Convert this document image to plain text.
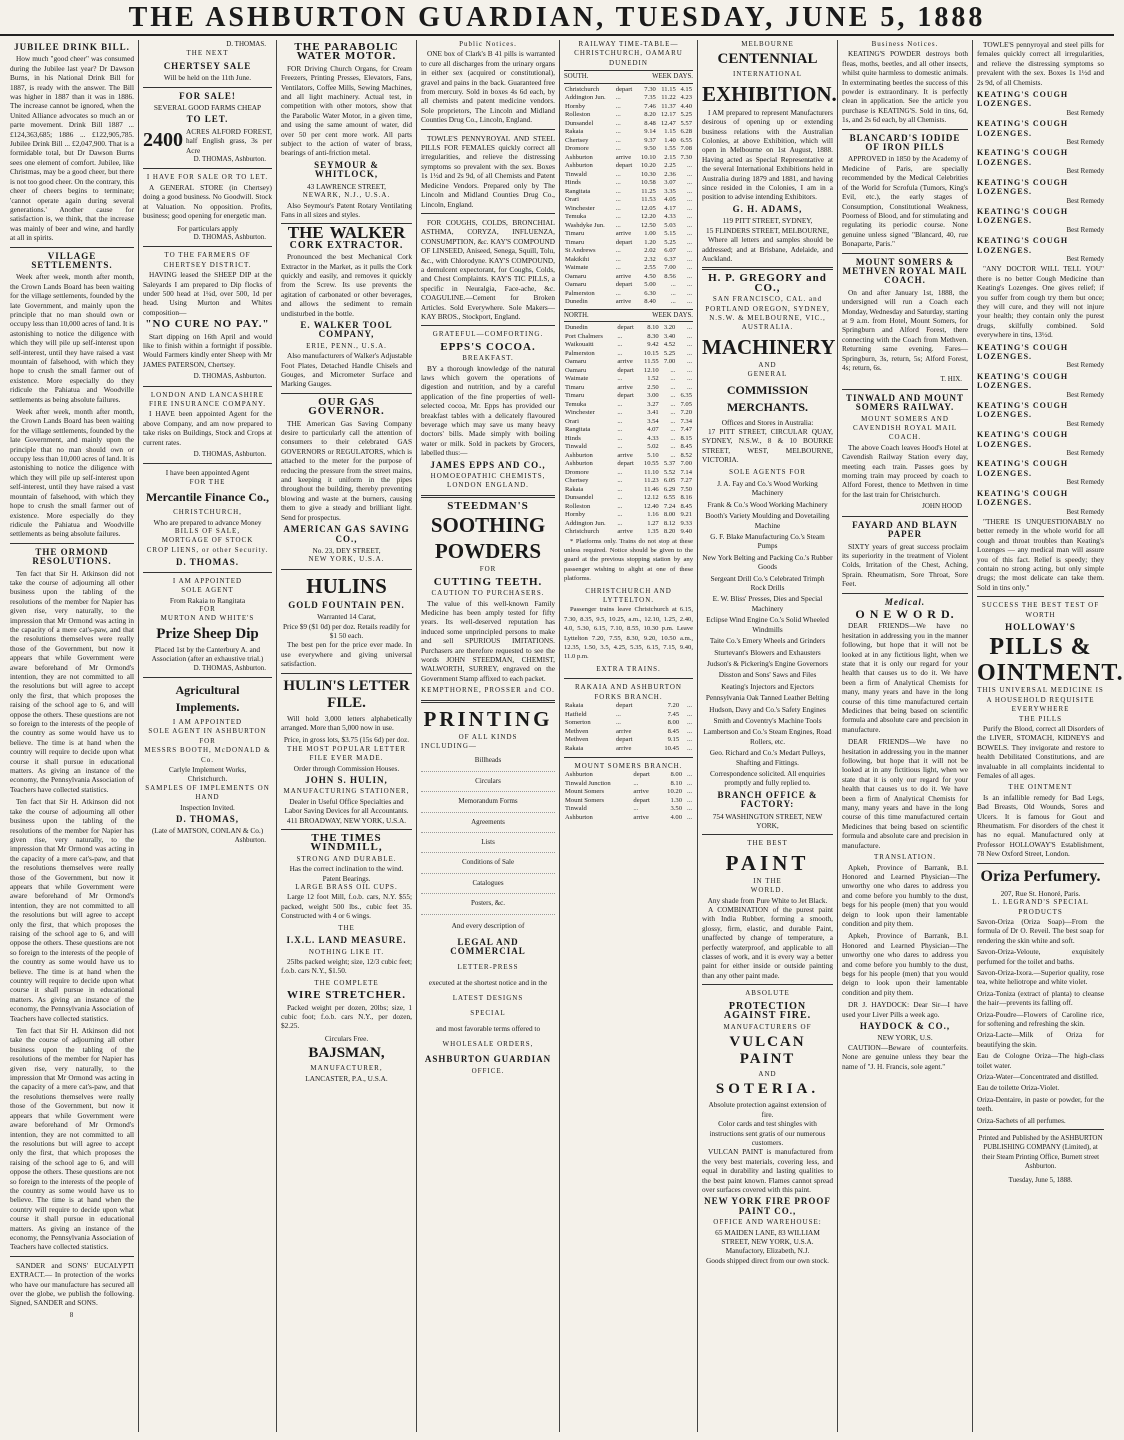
THE ASHBURTON GUARDIAN, TUESDAY, JUNE 5, 1888
JUBILEE DRINK BILL.

How much "good cheer" was consumed during the Jubilee last year? Dr Dawson Burns, in his National Drink Bill for 1887, is ready with the answer. The Bill was higher in 1887 than it was in 1886. The increase cannot be ignored, when the United Alliance advocates so much an or parte movement. Drink Bill 1887 ... £124,363,685; 1886 ... £122,905,785. Jubilee Drink Bill ... £2,047,900. That is a formidable total, but Dr Dawson Burns sees one element of comfort. Jubilee, like Christmas, may be a good cheer, but there is not too good cheer. On the contrary, this cheer of cheers begins to terminate; 'cannot operate again during several generations.' Another cause for satisfaction is, we think, that the increase was mainly of beer and wine, and hardly at all in spirits.

VILLAGE SETTLEMENTS.

Week after week, month after month, the Crown Lands Board has been waiting for the village settlements, founded by the late Government, and mainly upon the principle that no man should own or occupy less than 10,000 acres of land. It is astonishing to notice the diligence with which they will pile up self-interest upon self-interest, until they have raised a vast mountain of falsehood, with which they hope to crush the small farmer out of existence. More especially do they ridicule the Pahiatua and Woodville settlements as being absolute failures.

Week after week, month after month, the Crown Lands Board has been waiting for the village settlements, founded by the late Government, and mainly upon the principle that no man should own or occupy less than 10,000 acres of land. It is astonishing to notice the diligence with which they will pile up self-interest upon self-interest, until they have raised a vast mountain of falsehood, with which they hope to crush the small farmer out of existence. More especially do they ridicule the Pahiatua and Woodville settlements as being absolute failures.

THE ORMOND RESOLUTIONS.

Ten fact that Sir H. Atkinson did not take the course of adjourning all other business upon the tabling of the resolutions of the member for Napier has given rise, very naturally, to the impression that Mr Ormond was acting in the capacity of a mere cat's-paw, and that the resolutions themselves were really those of the Government, but now it appears that while Government were aware beforehand of Mr Ormond's intention, they are not committed to all the resolutions but will agree to accept only the first, that which proposes the raising of the school age to 6, and will oppose the others. These questions are not so foreign to the interests of the people of the country as some would have us to believe. The time is at hand when the country will require to decide upon what course it shall pursue in educational matters. As giving an instance of the economy, the Pennsylvania Association of Teachers have collected statistics.

Ten fact that Sir H. Atkinson did not take the course of adjourning all other business upon the tabling of the resolutions of the member for Napier has given rise, very naturally, to the impression that Mr Ormond was acting in the capacity of a mere cat's-paw, and that the resolutions themselves were really those of the Government, but now it appears that while Government were aware beforehand of Mr Ormond's intention, they are not committed to all the resolutions but will agree to accept only the first, that which proposes the raising of the school age to 6, and will oppose the others. These questions are not so foreign to the interests of the people of the country as some would have us to believe. The time is at hand when the country will require to decide upon what course it shall pursue in educational matters. As giving an instance of the economy, the Pennsylvania Association of Teachers have collected statistics.

Ten fact that Sir H. Atkinson did not take the course of adjourning all other business upon the tabling of the resolutions of the member for Napier has given rise, very naturally, to the impression that Mr Ormond was acting in the capacity of a mere cat's-paw, and that the resolutions themselves were really those of the Government, but now it appears that while Government were aware beforehand of Mr Ormond's intention, they are not committed to all the resolutions but will agree to accept only the first, that which proposes the raising of the school age to 6, and will oppose the others. These questions are not so foreign to the interests of the people of the country as some would have us to believe. The time is at hand when the country will require to decide upon what course it shall pursue in educational matters. As giving an instance of the economy, the Pennsylvania Association of Teachers have collected statistics.

SANDER and SONS' EUCALYPTI EXTRACT.— In protection of the works who have our manufacture has secured all over the globe, we publish the following. Signed, SANDER and SONS.

8
D. THOMAS.
THE NEXT
CHERTSEY SALE
Will be held on the 11th June.
FOR SALE!
SEVERAL GOOD FARMS CHEAP
TO LET.
2400 ACRES ALFORD FOREST, half English grass, 3s per Acre
D. THOMAS, Ashburton.
I HAVE FOR SALE OR TO LET.

A GENERAL STORE (in Chertsey) doing a good business. No Goodwill. Stock at Valuation. No opposition. Profits, business; good opening for energetic man.

For particulars apply
D. THOMAS, Ashburton.
TO THE FARMERS OF CHERTSEY DISTRICT.

HAVING leased the SHEEP DIP at the Saleyards I am prepared to Dip flocks of under 500 head at 1¼d, over 500, 1d per head. Using Murton and Whites composition—

"NO CURE NO PAY."

Start dipping on 16th April and would like to finish within a fortnight if possible. Would Farmers kindly enter Sheep with Mr JAMES PATERSON, Chertsey.

D. THOMAS, Ashburton.
LONDON AND LANCASHIRE FIRE INSURANCE COMPANY.

I HAVE been appointed Agent for the above Company, and am now prepared to take risks on Buildings, Stock and Crops at current rates.

D. THOMAS, Ashburton.
I have been appointed Agent
FOR THE
Mercantile Finance Co.,
CHRISTCHURCH,
Who are prepared to advance Money
BILLS OF SALE,
MORTGAGE OF STOCK
CROP LIENS, or other Security.
D. THOMAS.
I AM APPOINTED
SOLE AGENT
From Rakaia to Rangitata
FOR
MURTON AND WHITE'S
Prize Sheep Dip
Placed 1st by the Canterbury A. and Association (after an exhaustive trial.)
D. THOMAS, Ashburton.
Agricultural Implements.
I AM APPOINTED
SOLE AGENT IN ASHBURTON
FOR
MESSRS BOOTH, McDONALD & Co.
Carlyle Implement Works,
Christchurch.
SAMPLES OF IMPLEMENTS ON HAND
Inspection Invited.
D. THOMAS,
(Late of MATSON, CONLAN & Co.)
Ashburton.
THE PARABOLIC WATER MOTOR.

FOR Driving Church Organs, for Cream Freezers, Printing Presses, Elevators, Fans, Ventilators, Coffee Mills, Sewing Machines, and all light machinery. Actual test, in competition with other motors, show that the Parabolic Water Motor, in a given time, and using the same amount of water, did over 50 per cent more work. All parts subject to the action of water of brass, bearings of anti-friction metal.

SEYMOUR & WHITLOCK,
43 LAWRENCE STREET,
NEWARK, N.J., U.S.A.

Also Seymour's Patent Rotary Ventilating Fans in all sizes and styles.

THE WALKER
CORK EXTRACTOR.

Pronounced the best Mechanical Cork Extractor in the Market, as it pulls the Cork quickly and easily, and removes it quickly from the Screw. Its use prevents the agitation of carbonated or other beverages, and allows the sediment to remain undisturbed in the bottle.

E. WALKER TOOL COMPANY,
ERIE, PENN., U.S.A.

Also manufacturers of Walker's Adjustable Foot Plates, Detached Handle Chisels and Gouges, and Micrometer Surface and Marking Gauges.

OUR GAS GOVERNOR.

THE American Gas Saving Company desire to particularly call the attention of consumers to their celebrated GAS GOVERNORS or REGULATORS, which is attached to the meter for the purpose of reducing the pressure from the street mains, and keeping it uniform in the pipes throughout the building, thereby preventing blowing and waste at the burners, causing them to give a steady and brilliant light. Send for prospectus.

AMERICAN GAS SAVING CO.,
No. 23, DEY STREET,
NEW YORK, U.S.A.
HULINS
GOLD FOUNTAIN PEN.
Warranted 14 Carat,
Price $9 ($1 0d) per doz. Retails readily for $1 50 each.

The best pen for the price ever made. In use everywhere and giving universal satisfaction.

HULIN'S LETTER FILE.

Will hold 3,000 letters alphabetically arranged. More than 5,000 now in use.

Price, in gross lots, $3.75 (15s 6d) per doz.
THE MOST POPULAR LETTER FILE EVER MADE.
Order through Commission Houses.
JOHN S. HULIN,
MANUFACTURING STATIONER,
Dealer in Useful Office Specialties and Labor Saving Devices for all Accountants.
411 BROADWAY, NEW YORK, U.S.A.
THE TIMES WINDMILL,
STRONG AND DURABLE.
Has the correct inclination to the wind. Patent Bearings.
LARGE BRASS OIL CUPS.

Large 12 foot Mill, f.o.b. cars, N.Y. $55; packed, weight 500 lbs., cubic feet 35. Constructed with 4 or 6 wings.

THE
I.X.L. LAND MEASURE.
NOTHING LIKE IT.

25lbs packed weight; size, 12/3 cubic feet; f.o.b. cars N.Y., $1.50.

THE COMPLETE
WIRE STRETCHER.

Packed weight per dozen, 20lbs; size, 1 cubic foot; f.o.b. cars N.Y., per dozen, $2.25.

Circulars Free.
BAJSMAN,
MANUFACTURER,
LANCASTER, P.A., U.S.A.
Public Notices.

ONE box of Clark's B 41 pills is warranted to cure all discharges from the urinary organs in either sex (acquired or constitutional), gravel and pains in the back. Guaranteed free from mercury. Sold in boxes 4s 6d each, by all chemists and patent medicine vendors. Sole proprietors, The Lincoln and Midland Counties Drug Co., Lincoln, England.

TOWLE'S PENNYROYAL AND STEEL PILLS FOR FEMALES quickly correct all irregularities, and relieve the distressing symptoms so prevalent with the sex. Boxes 1s 1½d and 2s 9d, of all Chemists and Patent Medicine Vendors. Prepared only by The Lincoln and Midland Counties Drug Co., Lincoln, England.

FOR COUGHS, COLDS, BRONCHIAL ASTHMA, CORYZA, INFLUENZA, CONSUMPTION, &c. KAY'S COMPOUND OF LINSEED, Aniseed, Senega, Squill, Tolu, &c., with Chlorodyne. KAY'S COMPOUND, a demulcent expectorant, for Coughs, Colds, and Chest Complaints. KAY'S TIC PILLS, a specific in Neuralgia, Face-ache, &c. COAGULINE.—Cement for Broken Articles. Sold Everywhere. Sole Makers—KAY BROS., Stockport, England.

GRATEFUL—COMFORTING.
EPPS'S COCOA.
BREAKFAST.

BY a thorough knowledge of the natural laws which govern the operations of digestion and nutrition, and by a careful application of the fine properties of well-selected cocoa, Mr. Epps has provided our breakfast tables with a delicately flavoured beverage which may save us many heavy doctors' bills. Made simply with boiling water or milk. Sold in packets by Grocers, labelled thus:—

JAMES EPPS AND CO.,
HOMOEOPATHIC CHEMISTS,
LONDON ENGLAND.
STEEDMAN'S
SOOTHING
POWDERS
FOR
CUTTING TEETH.
CAUTION TO PURCHASERS.

The value of this well-known Family Medicine has been amply tested for fifty years. Its well-deserved reputation has induced some unprincipled persons to make and sell SPURIOUS IMITATIONS. Purchasers are therefore requested to see the words JOHN STEEDMAN, CHEMIST, WALWORTH, SURREY, engraved on the Government Stamp affixed to each packet.

KEMPTHORNE, PROSSER and CO.
PRINTING
OF ALL KINDS
INCLUDING—
Billheads
Circulars
Memorandum Forms
Agreements
Lists
Conditions of Sale
Catalogues
Posters, &c.
And every description of
LEGAL AND COMMERCIAL
LETTER-PRESS
executed at the shortest notice and in the
LATEST DESIGNS
SPECIAL
and most favorable terms offered to
WHOLESALE ORDERS,
ASHBURTON GUARDIAN
OFFICE.
RAILWAY TIME-TABLE—CHRISTCHURCH, OAMARU DUNEDIN
SOUTH.	WEEK DAYS.
Christchurch	depart	7.30	11.15	4.15
Addington Jun.	...	7.35	11.22	4.23
Hornby	...	7.46	11.37	4.40
Rolleston	...	8.20	12.17	5.25
Dunsandel	...	8.48	12.47	5.57
Rakaia	...	9.14	1.15	6.28
Chertsey	...	9.37	1.40	6.55
Dromore	...	9.50	1.55	7.08
Ashburton	arrive	10.10	2.15	7.30
Ashburton	depart	10.20	2.25	...
Tinwald	...	10.30	2.36	...
Hinds	...	10.58	3.07	...
Rangitata	...	11.25	3.35	...
Orari	...	11.53	4.05	...
Winchester	...	12.05	4.17	...
Temuka	...	12.20	4.33	...
Washdyke Jun.	...	12.50	5.03	...
Timaru	arrive	1.00	5.15	...
Timaru	depart	1.20	5.25	...
St Andrews	...	2.02	6.07	...
Makikihi	...	2.32	6.37	...
Waimate	...	2.55	7.00	...
Oamaru	arrive	4.50	8.56	...
Oamaru	depart	5.00	...	...
Palmerston	...	6.30	...	...
Dunedin	arrive	8.40	...	...
NORTH.	WEEK DAYS.
Dunedin	depart	8.10	3.20	...
Port Chalmers	...	8.30	3.40	...
Waikouaiti	...	9.42	4.52	...
Palmerston	...	10.15	5.25	...
Oamaru	arrive	11.55	7.00	...
Oamaru	depart	12.10	...	...
Waimate	...	1.52	...	...
Timaru	arrive	2.50	...	...
Timaru	depart	3.00	...	6.35
Temuka	...	3.27	...	7.05
Winchester	...	3.41	...	7.20
Orari	...	3.54	...	7.34
Rangitata	...	4.07	...	7.47
Hinds	...	4.33	...	8.15
Tinwald	...	5.02	...	8.45
Ashburton	arrive	5.10	...	8.52
Ashburton	depart	10.55	5.37	7.00
Dromore	...	11.10	5.52	7.14
Chertsey	...	11.23	6.05	7.27
Rakaia	...	11.46	6.29	7.50
Dunsandel	...	12.12	6.55	8.16
Rolleston	...	12.40	7.24	8.45
Hornby	...	1.16	8.00	9.21
Addington Jun.	...	1.27	8.12	9.33
Christchurch	arrive	1.35	8.20	9.40

* Platforms only. Trains do not stop at these unless required. Notice should be given to the guard at the previous stopping station by any passenger wishing to alight at one of these platforms.

CHRISTCHURCH AND LYTTELTON.

Passenger trains leave Christchurch at 6.15, 7.30, 8.35, 9.5, 10.25, a.m., 12.10, 1.25, 2.40, 4.0, 5.30, 6.15, 7.10, 8.55, 10.30 p.m. Leave Lyttelton 7.20, 7.55, 8.30, 9.20, 10.50 a.m., 12.35, 1.50, 3.5, 4.25, 5.35, 6.15, 7.15, 9.40, 11.0 p.m.

EXTRA TRAINS.
RAKAIA AND ASHBURTON FORKS BRANCH.
Rakaia	depart	7.20	...
Hatfield	...	7.45	...
Somerton	...	8.00	...
Methven	arrive	8.45	...
Methven	depart	9.15	...
Rakaia	arrive	10.45	...
MOUNT SOMERS BRANCH.
Ashburton	depart	8.00	...
Tinwald Junction	...	8.10	...
Mount Somers	arrive	10.20	...
Mount Somers	depart	1.30	...
Tinwald	...	3.50	...
Ashburton	arrive	4.00	...
MELBOURNE
CENTENNIAL
INTERNATIONAL
EXHIBITION.

I AM prepared to represent Manufacturers desirous of opening up or extending business relations with the Australian Colonies, at above Exhibition, which will open in Melbourne on 1st August, 1888. Having acted as Special Representative at the several International Exhibitions held in Australia during 1879 and 1881, and having since resided in the Colonies, I am in a position to advise intending Exhibitors.

G. H. ADAMS,
119 PITT STREET, SYDNEY,
15 FLINDERS STREET, MELBOURNE,

Where all letters and samples should be addressed; and at Brisbane, Adelaide, and Auckland.

H. P. GREGORY and CO.,
SAN FRANCISCO, CAL. and
PORTLAND OREGON, SYDNEY,
N.S.W. & MELBOURNE, VIC.,
AUSTRALIA.
MACHINERY
AND
GENERAL
COMMISSION MERCHANTS.
Offices and Stores in Australia:

17 PITT STREET, CIRCULAR QUAY, SYDNEY, N.S.W., 8 & 10 BOURKE STREET, WEST, MELBOURNE, VICTORIA.

SOLE AGENTS FOR
J. A. Fay and Co.'s Wood Working Machinery
Frank & Co.'s Wood Working Machinery
Booth's Variety Moulding and Dovetailing Machine
G. F. Blake Manufacturing Co.'s Steam Pumps
New York Belting and Packing Co.'s Rubber Goods
Sergeant Drill Co.'s Celebrated Trimph Rock Drills
E. W. Bliss' Presses, Dies and Special Machinery
Eclipse Wind Engine Co.'s Solid Wheeled Windmills
Taite Co.'s Emery Wheels and Grinders
Sturtevant's Blowers and Exhausters
Judson's & Pickering's Engine Governors
Disston and Sons' Saws and Files
Keating's Injectors and Ejectors
Pennsylvania Oak Tanned Leather Belting
Hudson, Davy and Co.'s Safety Engines
Smith and Coventry's Machine Tools
Lambertson and Co.'s Steam Engines, Road Rollers, etc.
Geo. Richard and Co.'s Medart Pulleys, Shafting and Fittings.
Correspondence solicited. All enquiries promptly and fully replied to.
BRANCH OFFICE & FACTORY:
754 WASHINGTON STREET, NEW YORK,
THE BEST
PAINT
IN THE
WORLD.
Any shade from Pure White to Jet Black.

A COMBINATION of the purest paint with India Rubber, forming a smooth, glossy, firm, elastic, and durable Paint, unaffected by change of temperature, a perfectly waterproof, and applicable to all classes of work, and it is every way a better paint for either inside or outside painting than any other paint made.

ABSOLUTE
PROTECTION AGAINST FIRE.
MANUFACTURERS OF
VULCAN PAINT
AND
SOTERIA.
Absolute protection against extension of fire.
Color cards and test shingles with instructions sent gratis of our numerous customers.

VULCAN PAINT is manufactured from the very best materials, covering less, and equal in durability and lasting qualities to the best paint known. Flames cannot spread over surfaces covered with this paint.

NEW YORK FIRE PROOF PAINT CO.,
OFFICE AND WAREHOUSE:
65 MAIDEN LANE, 83 WILLIAM STREET, NEW YORK, U.S.A.
Manufactory, Elizabeth, N.J.
Goods shipped direct from our own stock.
Business Notices.

KEATING'S POWDER destroys both fleas, moths, beetles, and all other insects, whilst quite harmless to domestic animals. In exterminating beetles the success of this powder is extraordinary. It is perfectly clean in application. See the article you purchase is KEATING'S. Sold in tins, 6d, 1s, and 2s 6d each, by all Chemists.

BLANCARD'S IODIDE OF IRON PILLS

APPROVED in 1850 by the Academy of Medicine of Paris, are specially recommended by the Medical Celebrities of the World for Scrofula (Tumors, King's Evil, etc.), the early stages of Consumption, Constitutional Weakness, Poorness of Blood, and for stimulating and regulating its periodic course. None genuine unless signed "Blancard, 40, rue Bonaparte, Paris."

MOUNT SOMERS & METHVEN ROYAL MAIL COACH.

On and after January 1st, 1888, the undersigned will run a Coach each Monday, Wednesday and Saturday, starting at 9 a.m. from Hotel, Mount Somers, for Springburn and Alford Forest, there connecting with the Coach from Methven. Returning same evening. Fares—Springburn, 3s, return, 5s; Alford Forest, 4s; return, 6s.

T. HIX.
TINWALD AND MOUNT SOMERS RAILWAY.
MOUNT SOMERS AND CAVENDISH ROYAL MAIL COACH.

The above Coach leaves Hood's Hotel at Cavendish Railway Station every day, meeting each train. Passes goes by morning train may proceed by coach to Alford Forest, thence to Methven in time for the last train for Christchurch.

JOHN HOOD
FAYARD AND BLAYN PAPER

SIXTY years of great success proclaim its superiority in the treatment of Violent Colds, Irritation of the Chest, Aching, Sprain. Rheumatism, Sore Throat, Sore Feet.

Medical.
O N E W O R D.

DEAR FRIENDS—We have no hesitation in addressing you in the manner following, but hope that it will not be looked at in any fictitious light, when we state that it is only our regard for your health that causes us to do it. We have been a firm of Analytical Chemists for many, many years and have in the long course of this time manufactured certain Medicines that being based on scientific formula and absolute care and precision in manufacture.

DEAR FRIENDS—We have no hesitation in addressing you in the manner following, but hope that it will not be looked at in any fictitious light, when we state that it is only our regard for your health that causes us to do it. We have been a firm of Analytical Chemists for many, many years and have in the long course of this time manufactured certain Medicines that being based on scientific formula and absolute care and precision in manufacture.

TRANSLATION.

Apkeh, Province of Barrank, B.I. Honored and Learned Physician—The unworthy one who dares to address you and come before you humbly to the dust, begs for his people (men) that you would deign to look upon their lamentable condition and pity them.

Apkeh, Province of Barrank, B.I. Honored and Learned Physician—The unworthy one who dares to address you and come before you humbly to the dust, begs for his people (men) that you would deign to look upon their lamentable condition and pity them.

DR J. HAYDOCK: Dear Sir—I have used your Liver Pills a week ago.

HAYDOCK & CO.,
NEW YORK, U.S.

CAUTION—Beware of counterfeits. None are genuine unless they bear the name of "J. H. Francis, sole agent."

TOWLE'S pennyroyal and steel pills for females quickly correct all irregularities, and relieve the distressing symptoms so prevalent with the sex. Boxes 1s 1½d and 2s 9d, of all Chemists.

KEATING'S COUGH LOZENGES.
Best Remedy
KEATING'S COUGH LOZENGES.
Best Remedy
KEATING'S COUGH LOZENGES.
Best Remedy
KEATING'S COUGH LOZENGES.
Best Remedy
KEATING'S COUGH LOZENGES.
Best Remedy
KEATING'S COUGH LOZENGES.
Best Remedy

"ANY DOCTOR WILL TELL YOU" there is no better Cough Medicine than Keating's Lozenges. One gives relief; if you suffer from cough try them but once; they will cure, and they will not injure your health; they contain only the purest drugs, skilfully combined. Sold everywhere in tins, 13½d.

KEATING'S COUGH LOZENGES.
Best Remedy
KEATING'S COUGH LOZENGES.
Best Remedy
KEATING'S COUGH LOZENGES.
Best Remedy
KEATING'S COUGH LOZENGES.
Best Remedy
KEATING'S COUGH LOZENGES.
Best Remedy
KEATING'S COUGH LOZENGES.
Best Remedy

"THERE IS UNQUESTIONABLY no better remedy in the whole world for all cough and throat troubles than Keating's Lozenges — any medical man will assure you of this fact. Relief is speedy; they contain no strong acting, but only simple drugs; the most delicate can take them. Sold in tins only."

SUCCESS THE BEST TEST OF WORTH
HOLLOWAY'S
PILLS & OINTMENT.
THIS UNIVERSAL MEDICINE IS A HOUSEHOLD REQUISITE EVERYWHERE
THE PILLS

Purify the Blood, correct all Disorders of the LIVER, STOMACH, KIDNEYS and BOWELS. They invigorate and restore to health Debilitated Constitutions, and are invaluable in all complaints incidental to Females of all ages.

THE OINTMENT

Is an infallible remedy for Bad Legs, Bad Breasts, Old Wounds, Sores and Ulcers. It is famous for Gout and Rheumatism. For disorders of the chest it has no equal. Manufactured only at Professor HOLLOWAY'S Establishment, 78 New Oxford Street, London.

Oriza Perfumery.
207, Rue St. Honoré, Paris.
L. LEGRAND'S SPECIAL PRODUCTS
Savon-Oriza (Oriza Soap)—From the formula of Dr O. Reveil. The best soap for rendering the skin white and soft.
Savon-Oriza-Veloute, exquisitely perfumed for the toilet and baths.
Savon-Oriza-Ixora.—Superior quality, rose tea, white heliotrope and white violet.
Oriza-Toniza (extract of planta) to cleanse the hair—prevents its falling off.
Oriza-Poudre—Flowers of Caroline rice, for softening and refreshing the skin.
Oriza-Lacte—Milk of Oriza for beautifying the skin.
Eau de Cologne Oriza—The high-class toilet water.
Oriza-Water—Concentrated and distilled.
Eau de toilette Oriza-Violet.
Oriza-Dentaire, in paste or powder, for the teeth.
Oriza-Sachets of all perfumes.
Printed and Published by the ASHBURTON PUBLISHING COMPANY (Limited), at their Steam Printing Office, Burnett street Ashburton.
Tuesday, June 5, 1888.
